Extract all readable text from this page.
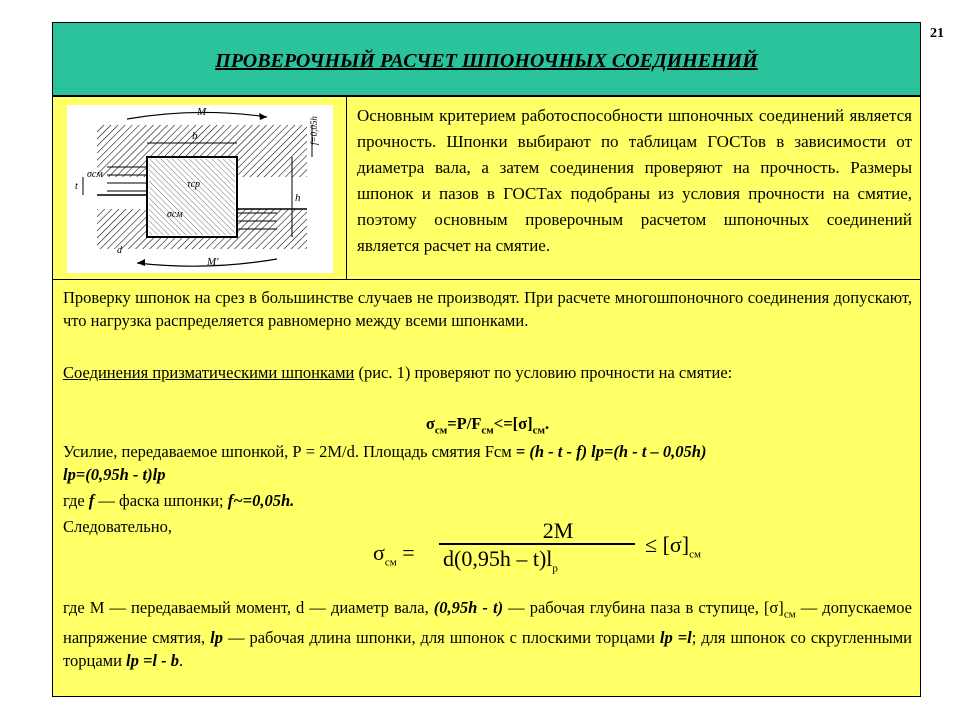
21
ПРОВЕРОЧНЫЙ РАСЧЕТ ШПОНОЧНЫХ СОЕДИНЕНИЙ
b
M
M'
h
f=0,05h
t
σсм
τср
σсм
d

Основным критерием работоспособности шпоночных соединений является прочность. Шпонки выбирают по таблицам ГОСТов в зависимости от диаметра вала, а затем соединения проверяют на прочность. Размеры шпонок и пазов в ГОСТах подобраны из условия прочности на смятие, поэтому основным проверочным расчетом шпоночных соединений является расчет на смятие.

Проверку шпонок на срез в большинстве случаев не производят. При расчете многошпоночного соединения допускают, что нагрузка распределяется равномерно между всеми шпонками.

Соединения призматическими шпонками (рис. 1) проверяют по условию прочности на смятие:

$\sigma_{см}=P/F_{см}<=[\sigma]_{см}$.

Усилие, передаваемое шпонкой, Р = 2M/d. Площадь смятия Fсм = (h - t - f) lp=(h - t – 0,05h)
lp=(0,95h - t)lp

где f — фаска шпонки; f~=0,05h.

Следовательно,

$\sigma_{см}$ =
2M
$d(0,95h - t)l_p$
≤ $[\sigma]_{см}$

где M — передаваемый момент, d — диаметр вала, (0,95h - t) — рабочая глубина паза в ступице, $[\sigma]_{см}$ — допускаемое напряжение смятия, lp — рабочая длина шпонки, для шпонок с плоскими торцами lp =l; для шпонок со скругленными торцами lp =l - b.
